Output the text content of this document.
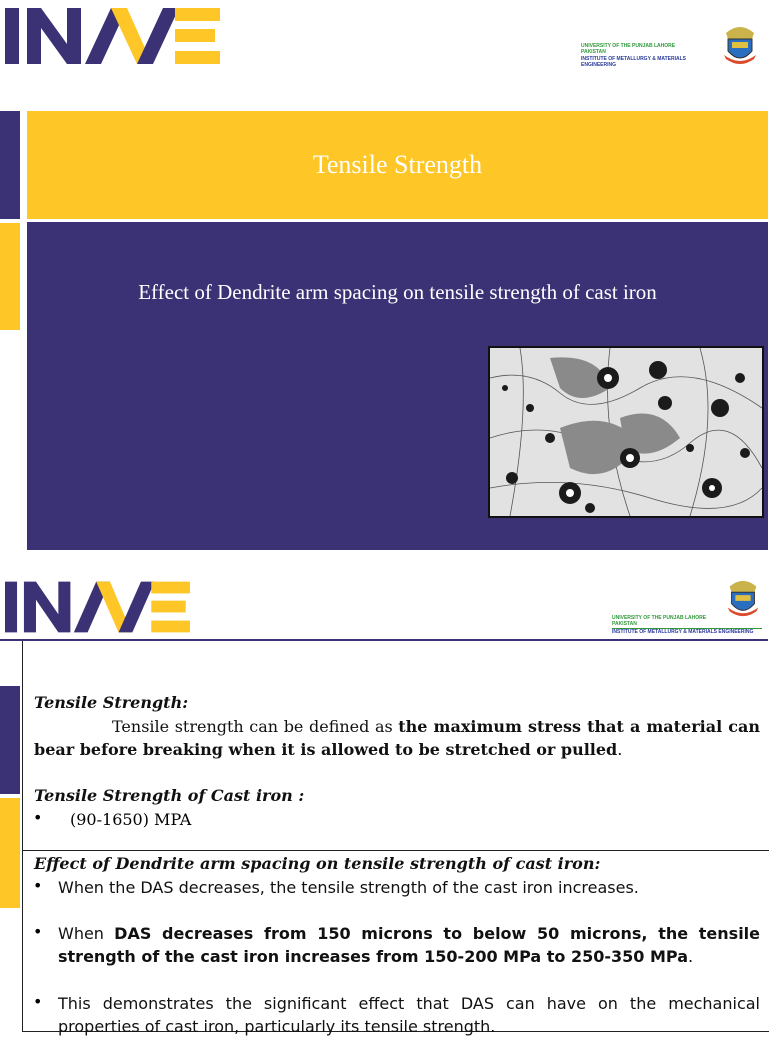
UNIVERSITY OF THE PUNJAB LAHORE
PAKISTAN
INSTITUTE OF METALLURGY & MATERIALS ENGINEERING
Tensile Strength
Effect of Dendrite arm spacing on tensile strength of cast iron
UNIVERSITY OF THE PUNJAB LAHORE
PAKISTAN
INSTITUTE OF METALLURGY & MATERIALS ENGINEERING
Tensile Strength:
Tensile strength can be defined as the maximum stress that a material can bear before breaking when it is allowed to be stretched or pulled.
Tensile Strength of Cast iron :
• (90-1650) MPA
Effect of Dendrite arm spacing on tensile strength of cast iron:
• When the DAS decreases, the tensile strength of the cast iron increases.
• When DAS decreases from 150 microns to below 50 microns, the tensile strength of the cast iron increases from 150-200 MPa to 250-350 MPa.
• This demonstrates the significant effect that DAS can have on the mechanical properties of cast iron, particularly its tensile strength.
